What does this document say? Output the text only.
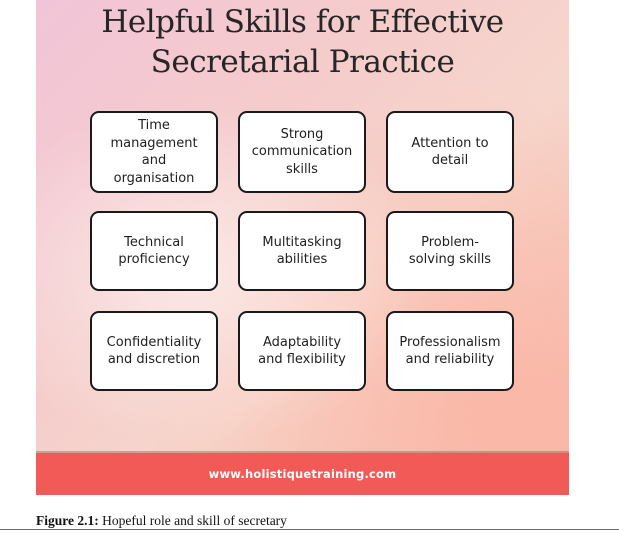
Helpful Skills for Effective
Secretarial Practice
Time
management
and
organisation
Strong
communication
skills
Attention to
detail
Technical
proficiency
Multitasking
abilities
Problem-
solving skills
Confidentiality
and discretion
Adaptability
and flexibility
Professionalism
and reliability
www.holistiquetraining.com
Figure 2.1: Hopeful role and skill of secretary
